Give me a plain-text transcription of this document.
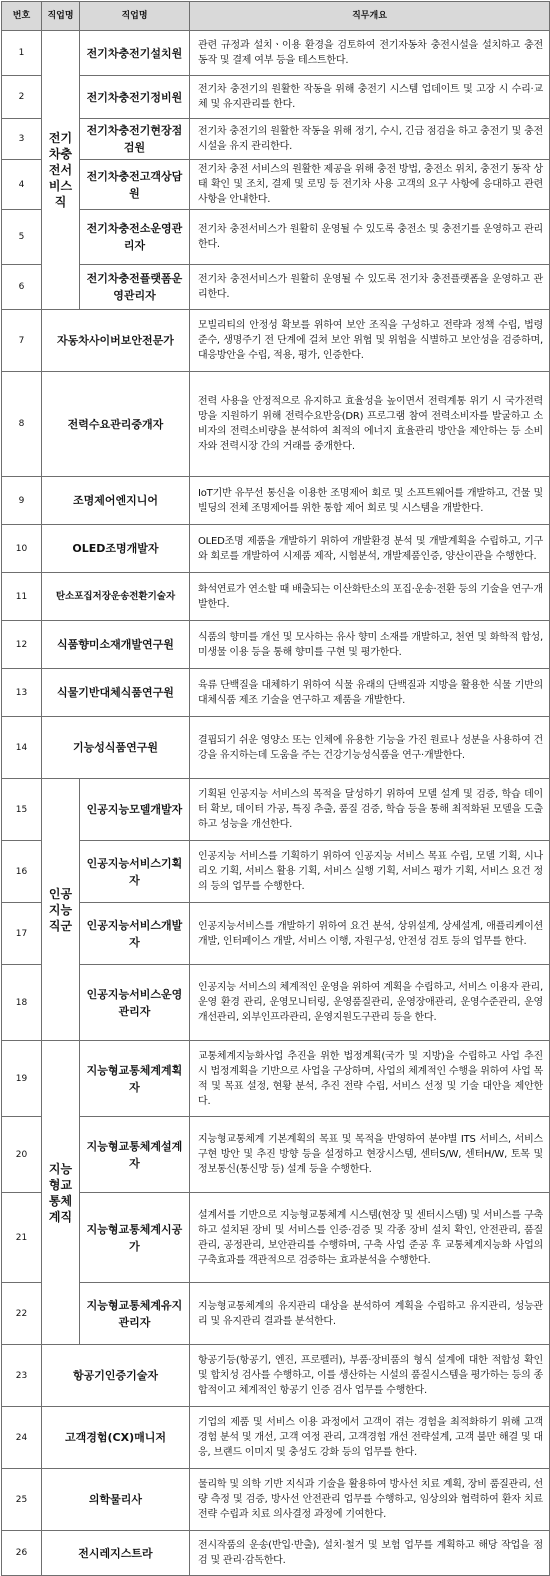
번호	직업명	직업명	직무개요
1	전기차충전서비스직	전기차충전기설치원	관련 규정과 설치ㆍ이용 환경을 검토하여 전기자동차 충전시설을 설치하고 충전 동작 및 결제 여부 등을 테스트한다.
2		전기차충전기정비원	전기차 충전기의 원활한 작동을 위해 충전기 시스템 업데이트 및 고장 시 수리·교체 및 유지관리를 한다.
3		전기차충전기현장점검원	전기차 충전기의 원활한 작동을 위해 정기, 수시, 긴급 점검을 하고 충전기 및 충전시설을 유지 관리한다.
4		전기차충전고객상담원	전기차 충전 서비스의 원활한 제공을 위해 충전 방법, 충전소 위치, 충전기 동작 상태 확인 및 조치, 결제 및 로밍 등 전기차 사용 고객의 요구 사항에 응대하고 관련 사항을 안내한다.
5		전기차충전소운영관리자	전기차 충전서비스가 원활히 운영될 수 있도록 충전소 및 충전기를 운영하고 관리한다.
6		전기차충전플랫폼운영관리자	전기차 충전서비스가 원활히 운영될 수 있도록 전기차 충전플랫폼을 운영하고 관리한다.
7	자동차사이버보안전문가		모빌리티의 안정성 확보를 위하여 보안 조직을 구성하고 전략과 정책 수립, 법령 준수, 생명주기 전 단계에 걸쳐 보안 위협 및 위험을 식별하고 보안성을 검증하며, 대응방안을 수립, 적용, 평가, 인증한다.
8	전력수요관리중개자		전력 사용을 안정적으로 유지하고 효율성을 높이면서 전력계통 위기 시 국가전력망을 지원하기 위해 전력수요반응(DR) 프로그램 참여 전력소비자를 발굴하고 소비자의 전력소비량을 분석하여 최적의 에너지 효율관리 방안을 제안하는 등 소비자와 전력시장 간의 거래를 중개한다.
9	조명제어엔지니어		IoT기반 유무선 통신을 이용한 조명제어 회로 및 소프트웨어를 개발하고, 건물 및 빌딩의 전체 조명제어를 위한 통합 제어 회로 및 시스템을 개발한다.
10	OLED조명개발자		OLED조명 제품을 개발하기 위하여 개발환경 분석 및 개발계획을 수립하고, 기구와 회로를 개발하여 시제품 제작, 시험분석, 개발제품인증, 양산이관을 수행한다.
11	탄소포집저장운송전환기술자		화석연료가 연소할 때 배출되는 이산화탄소의 포집·운송·전환 등의 기술을 연구·개발한다.
12	식품향미소재개발연구원		식품의 향미를 개선 및 모사하는 유사 향미 소재를 개발하고, 천연 및 화학적 합성, 미생물 이용 등을 통해 향미를 구현 및 평가한다.
13	식물기반대체식품연구원		육류 단백질을 대체하기 위하여 식물 유래의 단백질과 지방을 활용한 식물 기반의 대체식품 제조 기술을 연구하고 제품을 개발한다.
14	기능성식품연구원		결핍되기 쉬운 영양소 또는 인체에 유용한 기능을 가진 원료나 성분을 사용하여 건강을 유지하는데 도움을 주는 건강기능성식품을 연구·개발한다.
15	인공지능직군	인공지능모델개발자	기획된 인공지능 서비스의 목적을 달성하기 위하여 모델 설계 및 검증, 학습 데이터 확보, 데이터 가공, 특징 추출, 품질 검증, 학습 등을 통해 최적화된 모델을 도출하고 성능을 개선한다.
16		인공지능서비스기획자	인공지능 서비스를 기획하기 위하여 인공지능 서비스 목표 수립, 모델 기획, 시나리오 기획, 서비스 활용 기획, 서비스 실행 기획, 서비스 평가 기획, 서비스 요건 정의 등의 업무를 수행한다.
17		인공지능서비스개발자	인공지능서비스를 개발하기 위하여 요건 분석, 상위설계, 상세설계, 애플리케이션 개발, 인터페이스 개발, 서비스 이행, 자원구성, 안전성 검토 등의 업무를 한다.
18		인공지능서비스운영관리자	인공지능 서비스의 체계적인 운영을 위하여 계획을 수립하고, 서비스 이용자 관리, 운영 환경 관리, 운영모니터링, 운영품질관리, 운영장애관리, 운영수준관리, 운영개선관리, 외부인프라관리, 운영지원도구관리 등을 한다.
19	지능형교통체계직	지능형교통체계계획자	교통체계지능화사업 추진을 위한 법정계획(국가 및 지방)을 수립하고 사업 추진 시 법정계획을 기반으로 사업을 구상하며, 사업의 체계적인 수행을 위하여 사업 목적 및 목표 설정, 현황 분석, 추진 전략 수립, 서비스 선정 및 기술 대안을 제안한다.
20		지능형교통체계설계자	지능형교통체계 기본계획의 목표 및 목적을 반영하여 분야별 ITS 서비스, 서비스 구현 방안 및 추진 방향 등을 설정하고 현장시스템, 센터S/W, 센터H/W, 토목 및 정보통신(통신망 등) 설계 등을 수행한다.
21		지능형교통체계시공가	설계서를 기반으로 지능형교통체계 시스템(현장 및 센터시스템) 및 서비스를 구축하고 설치된 장비 및 서비스를 인증·검증 및 각종 장비 설치 확인, 안전관리, 품질관리, 공정관리, 보안관리를 수행하며, 구축 사업 준공 후 교통체계지능화 사업의 구축효과를 객관적으로 검증하는 효과분석을 수행한다.
22		지능형교통체계유지관리자	지능형교통체계의 유지관리 대상을 분석하여 계획을 수립하고 유지관리, 성능관리 및 유지관리 결과를 분석한다.
23	항공기인증기술자		항공기등(항공기, 엔진, 프로펠러), 부품·장비품의 형식 설계에 대한 적합성 확인 및 합치성 검사를 수행하고, 이를 생산하는 시설의 품질시스템을 평가하는 등의 종합적이고 체계적인 항공기 인증 검사 업무를 수행한다.
24	고객경험(CX)매니저		기업의 제품 및 서비스 이용 과정에서 고객이 겪는 경험을 최적화하기 위해 고객 경험 분석 및 개선, 고객 여정 관리, 고객경험 개선 전략설계, 고객 불만 해결 및 대응, 브랜드 이미지 및 충성도 강화 등의 업무를 한다.
25	의학물리사		물리학 및 의학 기반 지식과 기술을 활용하여 방사선 치료 계획, 장비 품질관리, 선량 측정 및 검증, 방사선 안전관리 업무를 수행하고, 임상의와 협력하여 환자 치료 전략 수립과 치료 의사결정 과정에 기여한다.
26	전시레지스트라		전시작품의 운송(반입·반출), 설치·철거 및 보험 업무를 계획하고 해당 작업을 점검 및 관리·감독한다.
